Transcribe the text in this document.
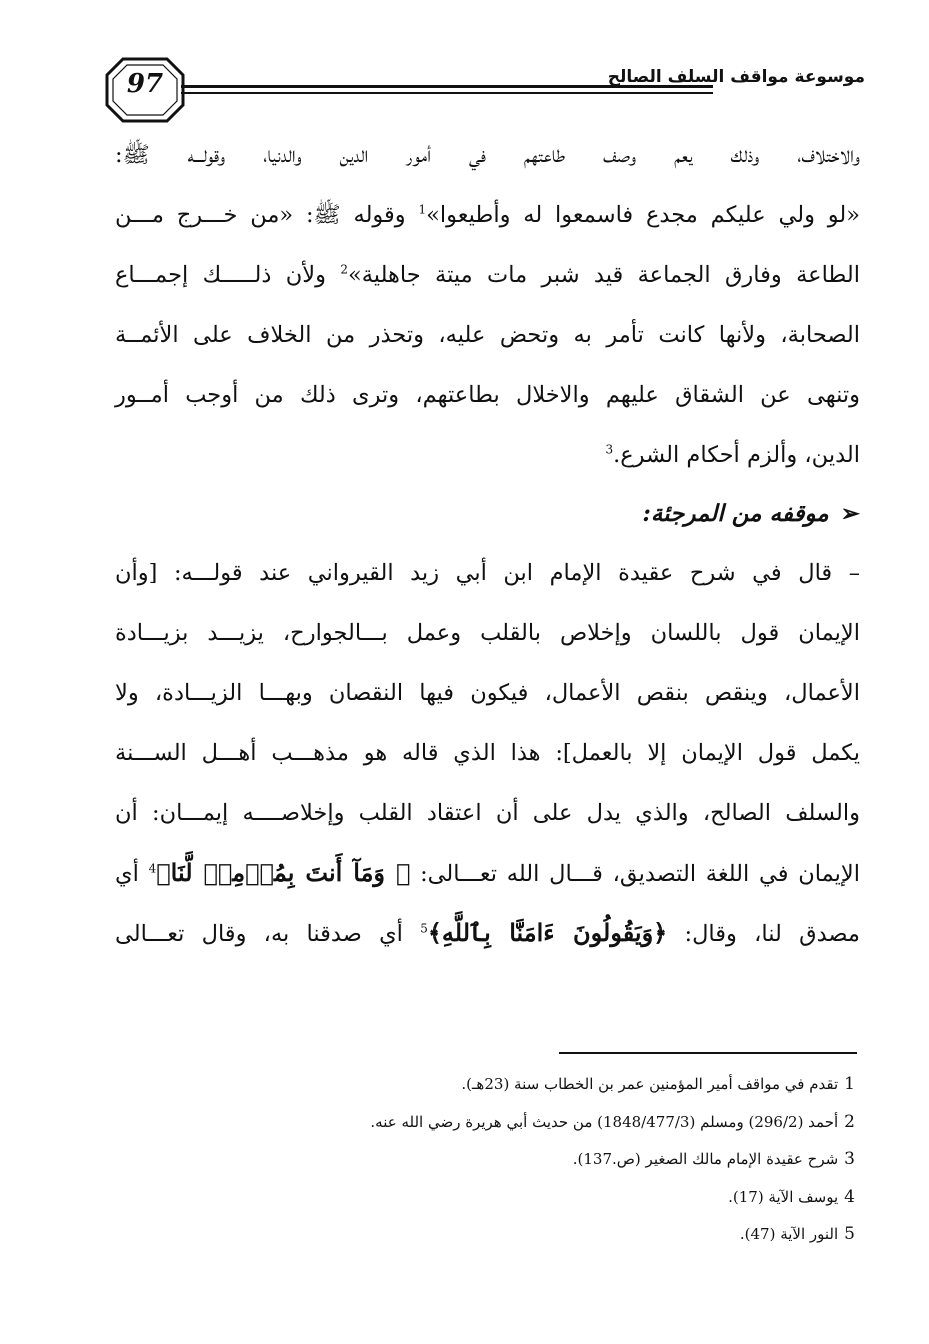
97	موسوعة مواقف السلف الصالح
والاختلاف، وذلك يعم وصف طاعتهم في أمور الدين والدنيا، وقولـــه ﷺ:
«لو ولي عليكم مجدع فاسمعوا له وأطيعوا»$^1$ وقوله ﷺ: «من خـــرج مـــن
الطاعة وفارق الجماعة قيد شبر مات ميتة جاهلية»$^2$ ولأن ذلـــــك إجمـــاع
الصحابة، ولأنها كانت تأمر به وتحض عليه، وتحذر من الخلاف على الأئمــة
وتنهى عن الشقاق عليهم والاخلال بطاعتهم، وترى ذلك من أوجب أمــور
الدين، وألزم أحكام الشرع.$^3$
➢موقفه من المرجئة:
– قال في شرح عقيدة الإمام ابن أبي زيد القيرواني عند قولـــه: [وأن
الإيمان قول باللسان وإخلاص بالقلب وعمل بـــالجوارح، يزيـــد بزيـــادة
الأعمال، وينقص بنقص الأعمال، فيكون فيها النقصان وبهـــا الزيـــادة، ولا
يكمل قول الإيمان إلا بالعمل]: هذا الذي قاله هو مذهـــب أهـــل الســـنة
والسلف الصالح، والذي يدل على أن اعتقاد القلب وإخلاصــــه إيمـــان: أن
الإيمان في اللغة التصديق، قـــال الله تعـــالى: ﴿ وَمَآ أَنتَ بِمُؤۡمِنٖ لَّنَا﴾$^4$ أي
مصدق لنا، وقال: ﴿وَيَقُولُونَ ءَامَنَّا بِٱللَّهِ﴾$^5$ أي صدقنا به، وقال تعـــالى
1تقدم في مواقف أمير المؤمنين عمر بن الخطاب سنة (23هـ).
2أحمد (296/2) ومسلم (1848/477/3) من حديث أبي هريرة رضي الله عنه.
3شرح عقيدة الإمام مالك الصغير (ص.137).
4يوسف الآية (17).
5النور الآية (47).
